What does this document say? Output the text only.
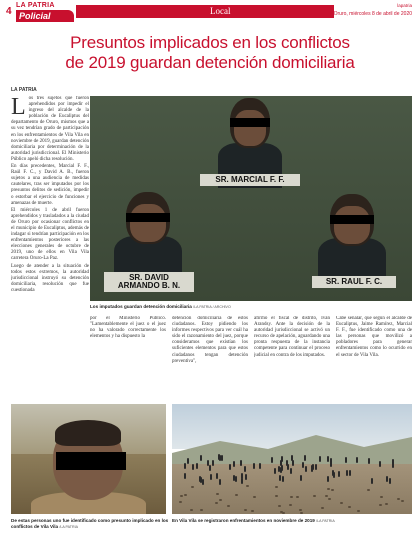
4
LA PATRIA
Policial	Local
lapatria
Oruro, miércoles 8 de abril de 2020
Presuntos implicados en los conflictos
de 2019 guardan detención domiciliaria
LA PATRIA
L os tres sujetos que fueron aprehendidos por impedir el ingreso del alcalde de la población de Eucaliptus del departamento de Oruro, mismos que a su vez tendrían grado de participación en los enfrentamientos de Vila Vila en noviembre de 2019, guardan detención domiciliaria por determinación de la autoridad jurisdiccional. El Ministerio Público apeló dicha resolución.

En días precedentes, Marcial F. F., Raúl F. C., y David A. B., fueron sujetos a una audiencia de medidas cautelares, tras ser imputados por los presuntos delitos de sedición, impedir o estorbar el ejercicio de funciones y amenazas de muerte.

El miércoles 1 de abril fueron aprehendidos y trasladados a la ciudad de Oruro por ocasionar conflictos en el municipio de Eucaliptus, además de indagar si tendrían participación en los enfrentamientos posteriores a las elecciones generales de octubre de 2019, uno de ellos en Vila Vila carretera Oruro-La Paz.

Luego de atender a la situación de todos estos extremos, la autoridad jurisdiccional instruyó su detención domiciliaria, resolución que fue cuestionada

SR. MARCIAL F. F.
SR. DAVID
ARMANDO B. N.	SR. RAUL F. C.
Los imputados guardan detención domiciliaria /LA PATRIA / ARCHIVO
por el Ministerio Público. "Lamentablemente el juez o el juez no ha valorado correctamente los elementos y ha dispuesto la
detención domiciliaria de estos ciudadanos. Estoy pidiendo los informes respectivos para ver cuál ha sido el razonamiento del juez, porque consideramos que existían los suficientes elementos para que estos ciudadanos tengan detención preventiva",
afirmó el fiscal de distrito, Iván Arandsy. Ante la decisión de la autoridad jurisdiccional se activó un recurso de apelación, aguardando una pronta respuesta de la instancia competente para continuar el proceso judicial en contra de los imputados.
Cabe señalar, que según el alcalde de Eucaliptus, Jaime Ramírez, Marcial F. F., fue identificado como una de las personas que movilizó a pobladores para generar enfrentamientos como lo ocurrido en el sector de Vila Vila.
De estas personas uno fue identificado como presunto implicado en los conflictos de Vila Vila /LA PATRIA
En Vila Vila se registraron enfrentamientos en noviembre de 2019 /LA PATRIA
